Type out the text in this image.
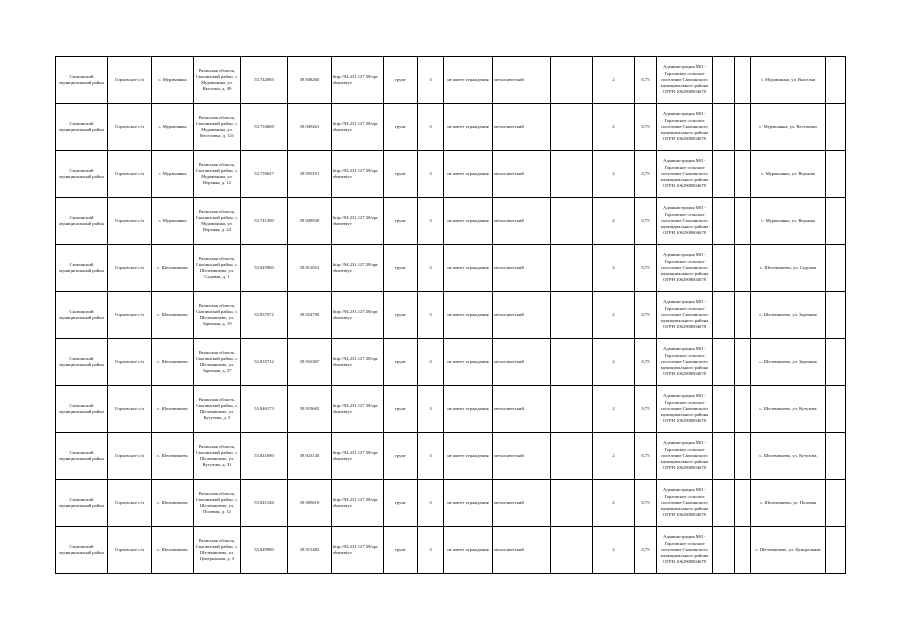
Скопинский муниципальный район	Горловское с/п	с. Муравлянка	Рязанская область, Скопинский район, с. Муравлянка, ул. Выселки, д. 49	53.742083	39.948260	http://94.231.127.38/opr ebaneniye	грунт	3	не имеет ограждения	металлический		2	0,75	Администрация МО - Горловское сельское поселение Скопинского муниципального района ОГРН 1062908004678			с. Муравлянка, ул. Выселки	
Скопинский муниципальный район	Горловское с/п	с. Муравлянка	Рязанская область, Скопинский район, с. Муравлянка, ул. Веселовка, д. 121	53.733669	39.949261	http://94.231.127.38/opr ebaneniye	грунт	3	не имеет ограждения	металлический		2	0,75	Администрация МО - Горловское сельское поселение Скопинского муниципального района ОГРН 1062908004678			с. Муравлянка, ул. Веселовка	
Скопинский муниципальный район	Горловское с/п	с. Муравлянка	Рязанская область, Скопинский район, с. Муравлянка, ул. Верхняя, д. 12	53.739647	39.950191	http://94.231.127.38/opr ebaneniye	грунт	3	не имеет ограждения	металлический		2	0,75	Администрация МО - Горловское сельское поселение Скопинского муниципального района ОГРН 1062908004678			с. Муравлянка, ул. Верхняя	
Скопинский муниципальный район	Горловское с/п	с. Муравлянка	Рязанская область, Скопинский район, с. Муравлянка, ул. Верхняя, д. 24	53.741300	39.948930	http://94.231.127.38/opr ebaneniye	грунт	3	не имеет ограждения	металлический		2	0,75	Администрация МО - Горловское сельское поселение Скопинского муниципального района ОГРН 1062908004678			с. Муравлянка, ул. Верхняя	
Скопинский муниципальный район	Горловское с/п	с. Шелемишево	Рязанская область, Скопинский район, с. Шелемишево, ул. Садовая, д. 1	53.845960	39.912653	http://94.231.127.38/opr ebaneniye	грунт	3	не имеет ограждения	металлический		2	0,75	Администрация МО - Горловское сельское поселение Скопинского муниципального района ОГРН 1062908004678			с. Шелемишево, ул. Садовая	
Скопинский муниципальный район	Горловское с/п	с. Шелемишево	Рязанская область, Скопинский район, с. Шелемишево, ул. Заречная, д. 19	53.837072	39.924790	http://94.231.127.38/opr ebaneniye	грунт	3	не имеет ограждения	металлический		2	0,75	Администрация МО - Горловское сельское поселение Скопинского муниципального района ОГРН 1062908004678			с. Шелемишево, ул. Заречная	
Скопинский муниципальный район	Горловское с/п	с. Шелемишево	Рязанская область, Скопинский район, с. Шелемишево, ул. Заречная, д. 37	53.835712	39.916307	http://94.231.127.38/opr ebaneniye	грунт	3	не имеет ограждения	металлический		2	0,75	Администрация МО - Горловское сельское поселение Скопинского муниципального района ОГРН 1062908004678			с. Шелемишево, ул. Заречная	
Скопинский муниципальный район	Горловское с/п	с. Шелемишево	Рязанская область, Скопинский район, с. Шелемишево, ул. Кутузова, д. 3	53.846173	39.919665	http://94.231.127.38/opr ebaneniye	грунт	3	не имеет ограждения	металлический		2	0,75	Администрация МО - Горловское сельское поселение Скопинского муниципального района ОГРН 1062908004678			с. Шелемишево, ул. Кутузова	
Скопинский муниципальный район	Горловское с/п	с. Шелемишево	Рязанская область, Скопинский район, с. Шелемишево, ул. Кутузова, д. 31	53.841680	39.923140	http://94.231.127.38/opr ebaneniye	грунт	3	не имеет ограждения	металлический		2	0,75	Администрация МО - Горловское сельское поселение Скопинского муниципального района ОГРН 1062908004678			с. Шелемишево, ул. Кутузова	
Скопинский муниципальный район	Горловское с/п	с. Шелемишево	Рязанская область, Скопинский район, с. Шелемишево, ул. Полевая, д. 12	53.841546	39.909610	http://94.231.127.38/opr ebaneniye	грунт	3	не имеет ограждения	металлический		2	0,75	Администрация МО - Горловское сельское поселение Скопинского муниципального района ОГРН 1062908004678			с. Шелемишево, ул. Полевая	
Скопинский муниципальный район	Горловское с/п	с. Шелемишево	Рязанская область, Скопинский район, с. Шелемишево, ул. Центральная, д. 3	53.849980	39.913482	http://94.231.127.38/opr ebaneniye	грунт	3	не имеет ограждения	металлический		2	0,75	Администрация МО - Горловское сельское поселение Скопинского муниципального района ОГРН 1062908004678			с. Шелемишево, ул. Центральная	
